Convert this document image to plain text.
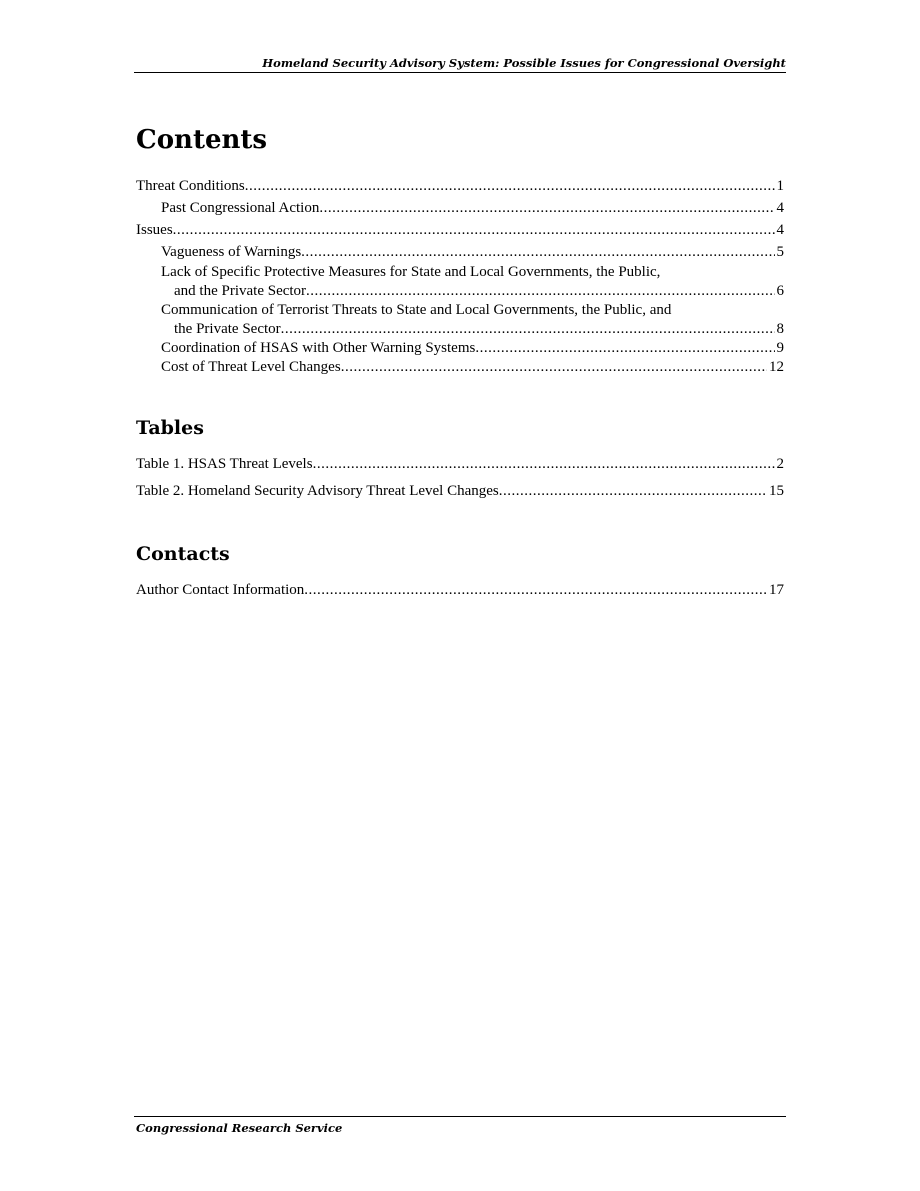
Homeland Security Advisory System: Possible Issues for Congressional Oversight
Contents
Threat Conditions .....	1
Past Congressional Action .....	4
Issues .....	4
Vagueness of Warnings .....	5
Lack of Specific Protective Measures for State and Local Governments, the Public,
and the Private Sector .....	6
Communication of Terrorist Threats to State and Local Governments, the Public, and
the Private Sector .....	8
Coordination of HSAS with Other Warning Systems .....	9
Cost of Threat Level Changes .....	12
Tables
Table 1. HSAS Threat Levels .....	2
Table 2. Homeland Security Advisory Threat Level Changes .....	15
Contacts
Author Contact Information .....	17
Congressional Research Service
